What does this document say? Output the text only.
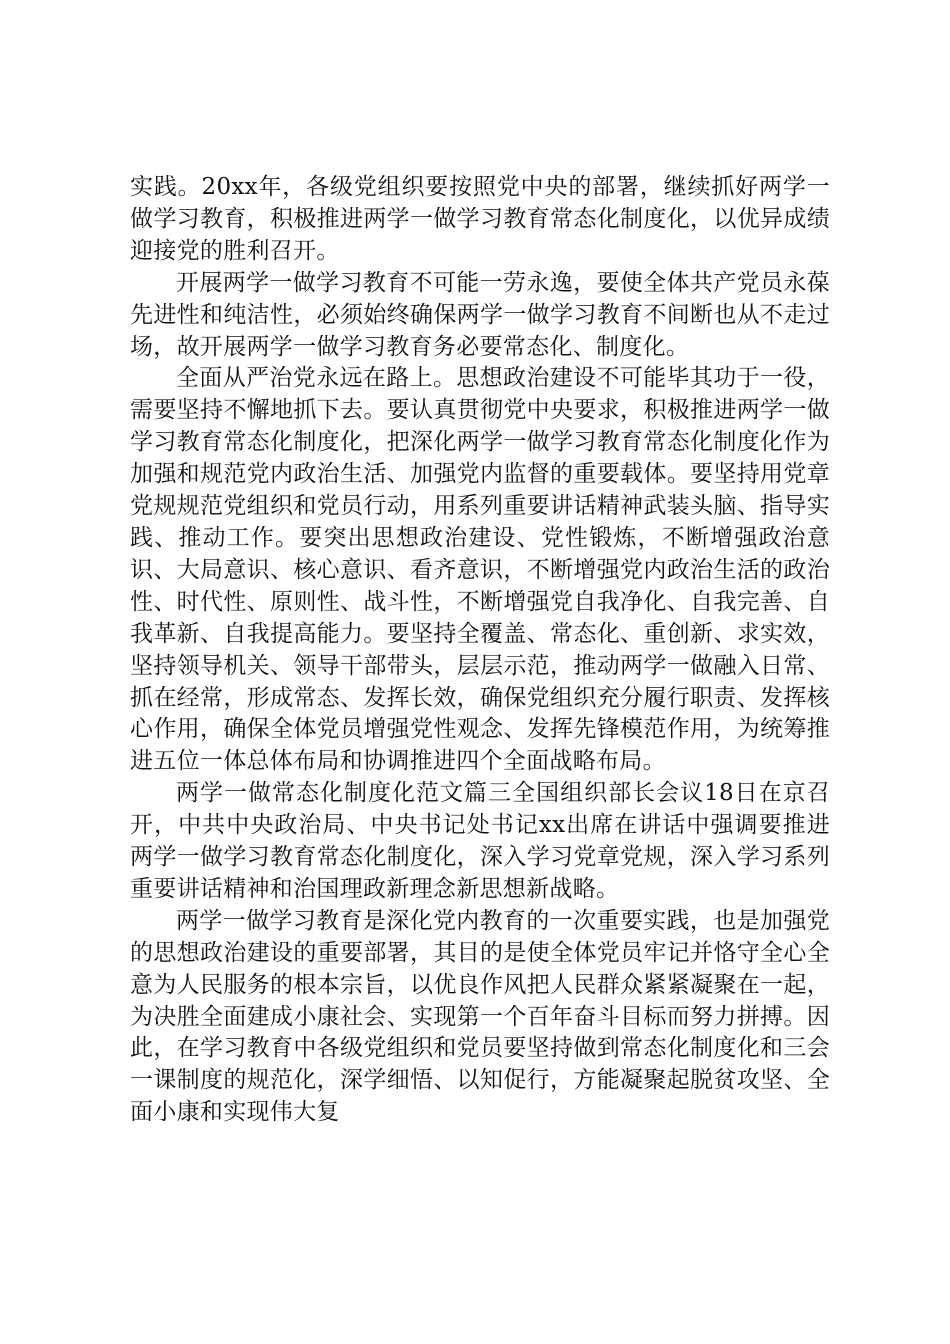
实践。20xx年，各级党组织要按照党中央的部署，继续抓好两学一做学习教育，积极推进两学一做学习教育常态化制度化，以优异成绩迎接党的胜利召开。

开展两学一做学习教育不可能一劳永逸，要使全体共产党员永葆先进性和纯洁性，必须始终确保两学一做学习教育不间断也从不走过场，故开展两学一做学习教育务必要常态化、制度化。

全面从严治党永远在路上。思想政治建设不可能毕其功于一役，需要坚持不懈地抓下去。要认真贯彻党中央要求，积极推进两学一做学习教育常态化制度化，把深化两学一做学习教育常态化制度化作为加强和规范党内政治生活、加强党内监督的重要载体。要坚持用党章党规规范党组织和党员行动，用系列重要讲话精神武装头脑、指导实践、推动工作。要突出思想政治建设、党性锻炼，不断增强政治意识、大局意识、核心意识、看齐意识，不断增强党内政治生活的政治性、时代性、原则性、战斗性，不断增强党自我净化、自我完善、自我革新、自我提高能力。要坚持全覆盖、常态化、重创新、求实效，坚持领导机关、领导干部带头，层层示范，推动两学一做融入日常、抓在经常，形成常态、发挥长效，确保党组织充分履行职责、发挥核心作用，确保全体党员增强党性观念、发挥先锋模范作用，为统筹推进五位一体总体布局和协调推进四个全面战略布局。

两学一做常态化制度化范文篇三全国组织部长会议18日在京召开，中共中央政治局、中央书记处书记xx出席在讲话中强调要推进两学一做学习教育常态化制度化，深入学习党章党规，深入学习系列重要讲话精神和治国理政新理念新思想新战略。

两学一做学习教育是深化党内教育的一次重要实践，也是加强党的思想政治建设的重要部署，其目的是使全体党员牢记并恪守全心全意为人民服务的根本宗旨，以优良作风把人民群众紧紧凝聚在一起，为决胜全面建成小康社会、实现第一个百年奋斗目标而努力拼搏。因此，在学习教育中各级党组织和党员要坚持做到常态化制度化和三会一课制度的规范化，深学细悟、以知促行，方能凝聚起脱贫攻坚、全面小康和实现伟大复
